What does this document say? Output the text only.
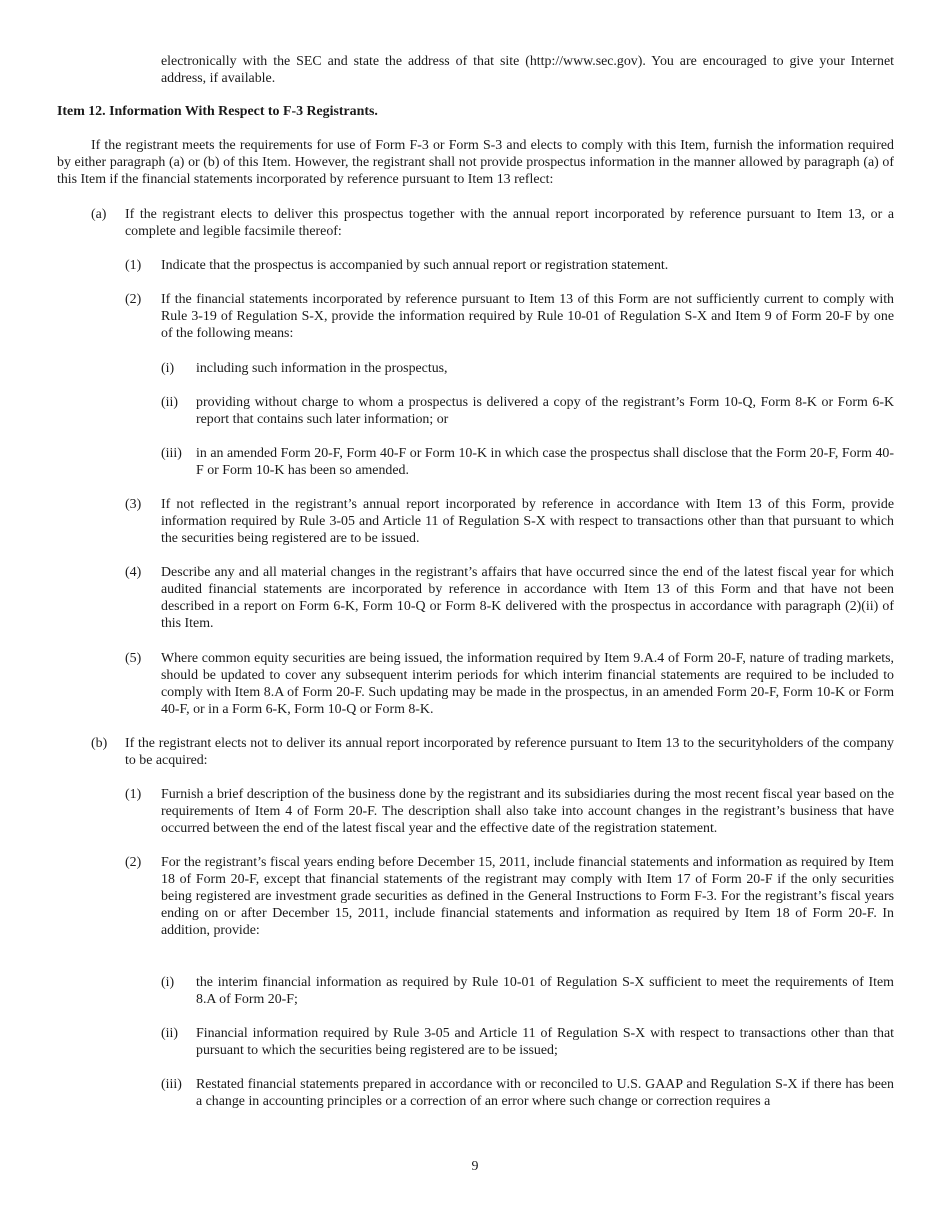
electronically with the SEC and state the address of that site (http://www.sec.gov). You are encouraged to give your Internet address, if available.
Item 12. Information With Respect to F-3 Registrants.
If the registrant meets the requirements for use of Form F-3 or Form S-3 and elects to comply with this Item, furnish the information required by either paragraph (a) or (b) of this Item. However, the registrant shall not provide prospectus information in the manner allowed by paragraph (a) of this Item if the financial statements incorporated by reference pursuant to Item 13 reflect:
(a) If the registrant elects to deliver this prospectus together with the annual report incorporated by reference pursuant to Item 13, or a complete and legible facsimile thereof:
(1) Indicate that the prospectus is accompanied by such annual report or registration statement.
(2) If the financial statements incorporated by reference pursuant to Item 13 of this Form are not sufficiently current to comply with Rule 3-19 of Regulation S-X, provide the information required by Rule 10-01 of Regulation S-X and Item 9 of Form 20-F by one of the following means:
(i) including such information in the prospectus,
(ii) providing without charge to whom a prospectus is delivered a copy of the registrant’s Form 10-Q, Form 8-K or Form 6-K report that contains such later information; or
(iii) in an amended Form 20-F, Form 40-F or Form 10-K in which case the prospectus shall disclose that the Form 20-F, Form 40-F or Form 10-K has been so amended.
(3) If not reflected in the registrant’s annual report incorporated by reference in accordance with Item 13 of this Form, provide information required by Rule 3-05 and Article 11 of Regulation S-X with respect to transactions other than that pursuant to which the securities being registered are to be issued.
(4) Describe any and all material changes in the registrant’s affairs that have occurred since the end of the latest fiscal year for which audited financial statements are incorporated by reference in accordance with Item 13 of this Form and that have not been described in a report on Form 6-K, Form 10-Q or Form 8-K delivered with the prospectus in accordance with paragraph (2)(ii) of this Item.
(5) Where common equity securities are being issued, the information required by Item 9.A.4 of Form 20-F, nature of trading markets, should be updated to cover any subsequent interim periods for which interim financial statements are required to be included to comply with Item 8.A of Form 20-F. Such updating may be made in the prospectus, in an amended Form 20-F, Form 10-K or Form 40-F, or in a Form 6-K, Form 10-Q or Form 8-K.
(b) If the registrant elects not to deliver its annual report incorporated by reference pursuant to Item 13 to the securityholders of the company to be acquired:
(1) Furnish a brief description of the business done by the registrant and its subsidiaries during the most recent fiscal year based on the requirements of Item 4 of Form 20-F. The description shall also take into account changes in the registrant’s business that have occurred between the end of the latest fiscal year and the effective date of the registration statement.
(2) For the registrant’s fiscal years ending before December 15, 2011, include financial statements and information as required by Item 18 of Form 20-F, except that financial statements of the registrant may comply with Item 17 of Form 20-F if the only securities being registered are investment grade securities as defined in the General Instructions to Form F-3. For the registrant’s fiscal years ending on or after December 15, 2011, include financial statements and information as required by Item 18 of Form 20-F. In addition, provide:
(i) the interim financial information as required by Rule 10-01 of Regulation S-X sufficient to meet the requirements of Item 8.A of Form 20-F;
(ii) Financial information required by Rule 3-05 and Article 11 of Regulation S-X with respect to transactions other than that pursuant to which the securities being registered are to be issued;
(iii) Restated financial statements prepared in accordance with or reconciled to U.S. GAAP and Regulation S-X if there has been a change in accounting principles or a correction of an error where such change or correction requires a
9
